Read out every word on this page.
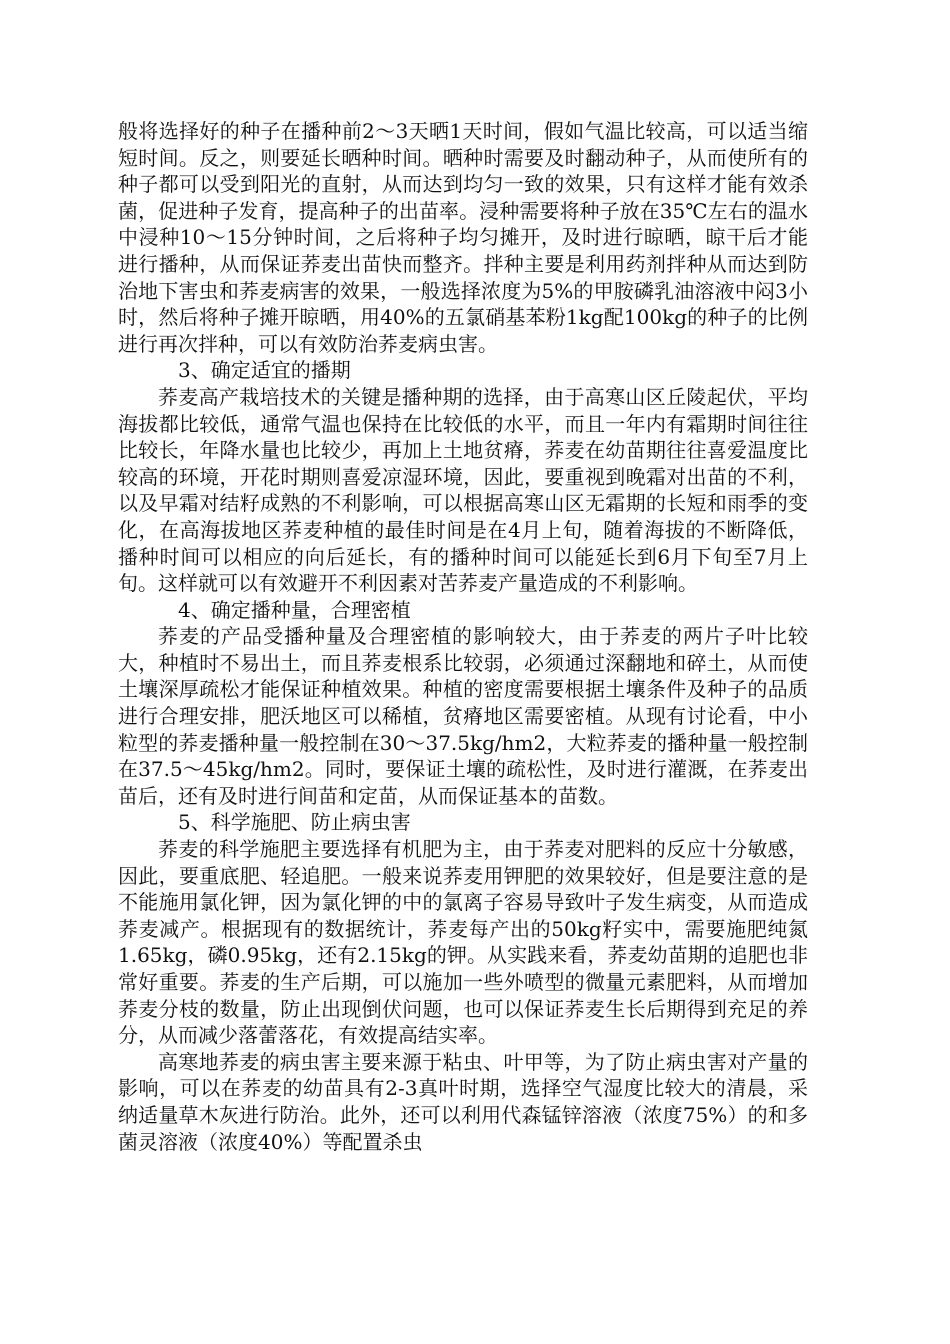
般将选择好的种子在播种前2～3天晒1天时间，假如气温比较高，可以适当缩短时间。反之，则要延长晒种时间。晒种时需要及时翻动种子，从而使所有的种子都可以受到阳光的直射，从而达到均匀一致的效果，只有这样才能有效杀菌，促进种子发育，提高种子的出苗率。浸种需要将种子放在35℃左右的温水中浸种10～15分钟时间，之后将种子均匀摊开，及时进行晾晒，晾干后才能进行播种，从而保证荞麦出苗快而整齐。拌种主要是利用药剂拌种从而达到防治地下害虫和荞麦病害的效果，一般选择浓度为5%的甲胺磷乳油溶液中闷3小时，然后将种子摊开晾晒，用40%的五氯硝基苯粉1kg配100kg的种子的比例进行再次拌种，可以有效防治荞麦病虫害。

3、确定适宜的播期

荞麦高产栽培技术的关键是播种期的选择，由于高寒山区丘陵起伏，平均海拔都比较低，通常气温也保持在比较低的水平，而且一年内有霜期时间往往比较长，年降水量也比较少，再加上土地贫瘠，荞麦在幼苗期往往喜爱温度比较高的环境，开花时期则喜爱凉湿环境，因此，要重视到晚霜对出苗的不利，以及早霜对结籽成熟的不利影响，可以根据高寒山区无霜期的长短和雨季的变化，在高海拔地区荞麦种植的最佳时间是在4月上旬，随着海拔的不断降低，播种时间可以相应的向后延长，有的播种时间可以能延长到6月下旬至7月上旬。这样就可以有效避开不利因素对苦荞麦产量造成的不利影响。

4、确定播种量，合理密植

荞麦的产品受播种量及合理密植的影响较大，由于荞麦的两片子叶比较大，种植时不易出土，而且荞麦根系比较弱，必须通过深翻地和碎土，从而使土壤深厚疏松才能保证种植效果。种植的密度需要根据土壤条件及种子的品质进行合理安排，肥沃地区可以稀植，贫瘠地区需要密植。从现有讨论看，中小粒型的荞麦播种量一般控制在30～37.5kg/hm2，大粒荞麦的播种量一般控制在37.5～45kg/hm2。同时，要保证土壤的疏松性，及时进行灌溉，在荞麦出苗后，还有及时进行间苗和定苗，从而保证基本的苗数。

5、科学施肥、防止病虫害

荞麦的科学施肥主要选择有机肥为主，由于荞麦对肥料的反应十分敏感，因此，要重底肥、轻追肥。一般来说荞麦用钾肥的效果较好，但是要注意的是不能施用氯化钾，因为氯化钾的中的氯离子容易导致叶子发生病变，从而造成荞麦减产。根据现有的数据统计，荞麦每产出的50kg籽实中，需要施肥纯氮1.65kg，磷0.95kg，还有2.15kg的钾。从实践来看，荞麦幼苗期的追肥也非常好重要。荞麦的生产后期，可以施加一些外喷型的微量元素肥料，从而增加荞麦分枝的数量，防止出现倒伏问题，也可以保证荞麦生长后期得到充足的养分，从而减少落蕾落花，有效提高结实率。

高寒地荞麦的病虫害主要来源于粘虫、叶甲等，为了防止病虫害对产量的影响，可以在荞麦的幼苗具有2-3真叶时期，选择空气湿度比较大的清晨，采纳适量草木灰进行防治。此外，还可以利用代森锰锌溶液（浓度75%）的和多菌灵溶液（浓度40%）等配置杀虫
